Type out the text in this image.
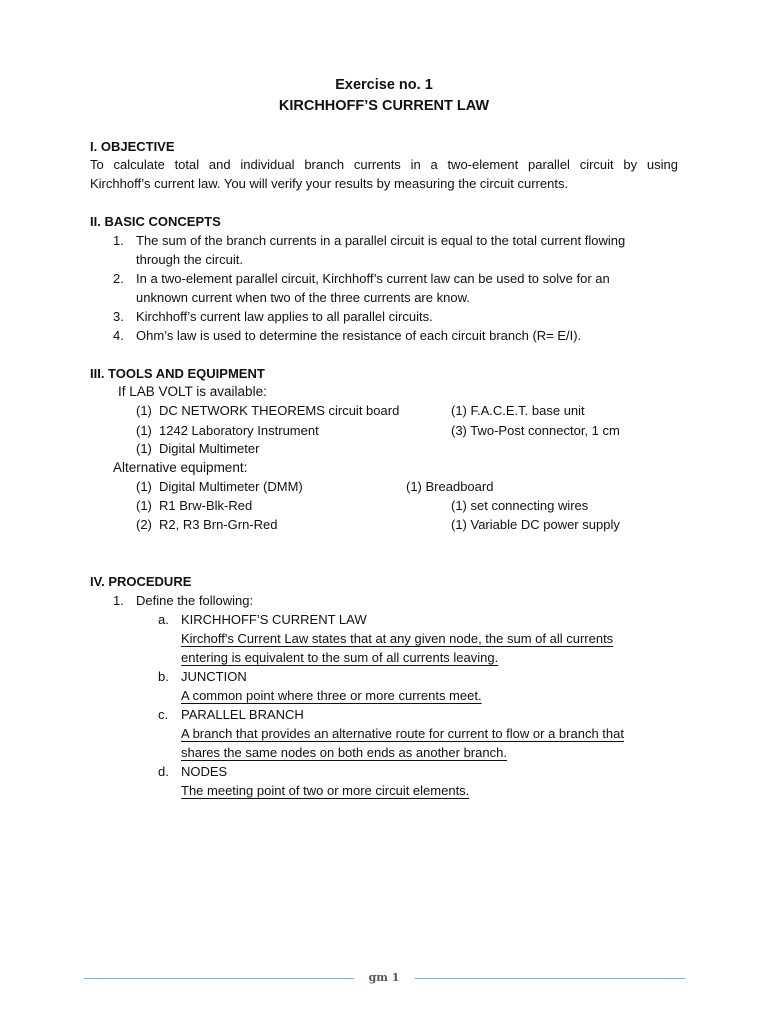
Exercise no. 1
KIRCHHOFF’S CURRENT LAW
I. OBJECTIVE
To calculate total and individual branch currents in a two-element parallel circuit by using
Kirchhoff’s current law. You will verify your results by measuring the circuit currents.
II. BASIC CONCEPTS
1. The sum of the branch currents in a parallel circuit is equal to the total current flowing
through the circuit.
2. In a two-element parallel circuit, Kirchhoff’s current law can be used to solve for an
unknown current when two of the three currents are know.
3. Kirchhoff’s current law applies to all parallel circuits.
4. Ohm’s law is used to determine the resistance of each circuit branch (R= E/I).
III. TOOLS AND EQUIPMENT
If LAB VOLT is available:
(1) DC NETWORK THEOREMS circuit board	(1) F.A.C.E.T. base unit
(1) 1242 Laboratory Instrument	(3) Two-Post connector, 1 cm
(1) Digital Multimeter
Alternative equipment:
(1) Digital Multimeter (DMM)	(1) Breadboard
(1) R1 Brw-Blk-Red	(1) set connecting wires
(2) R2, R3 Brn-Grn-Red	(1) Variable DC power supply
IV. PROCEDURE
1. Define the following:
a. KIRCHHOFF’S CURRENT LAW
Kirchoff's Current Law states that at any given node, the sum of all currents
entering is equivalent to the sum of all currents leaving.
b. JUNCTION
A common point where three or more currents meet.
c. PARALLEL BRANCH
A branch that provides an alternative route for current to flow or a branch that
shares the same nodes on both ends as another branch.
d. NODES
The meeting point of two or more circuit elements.
gm 1
